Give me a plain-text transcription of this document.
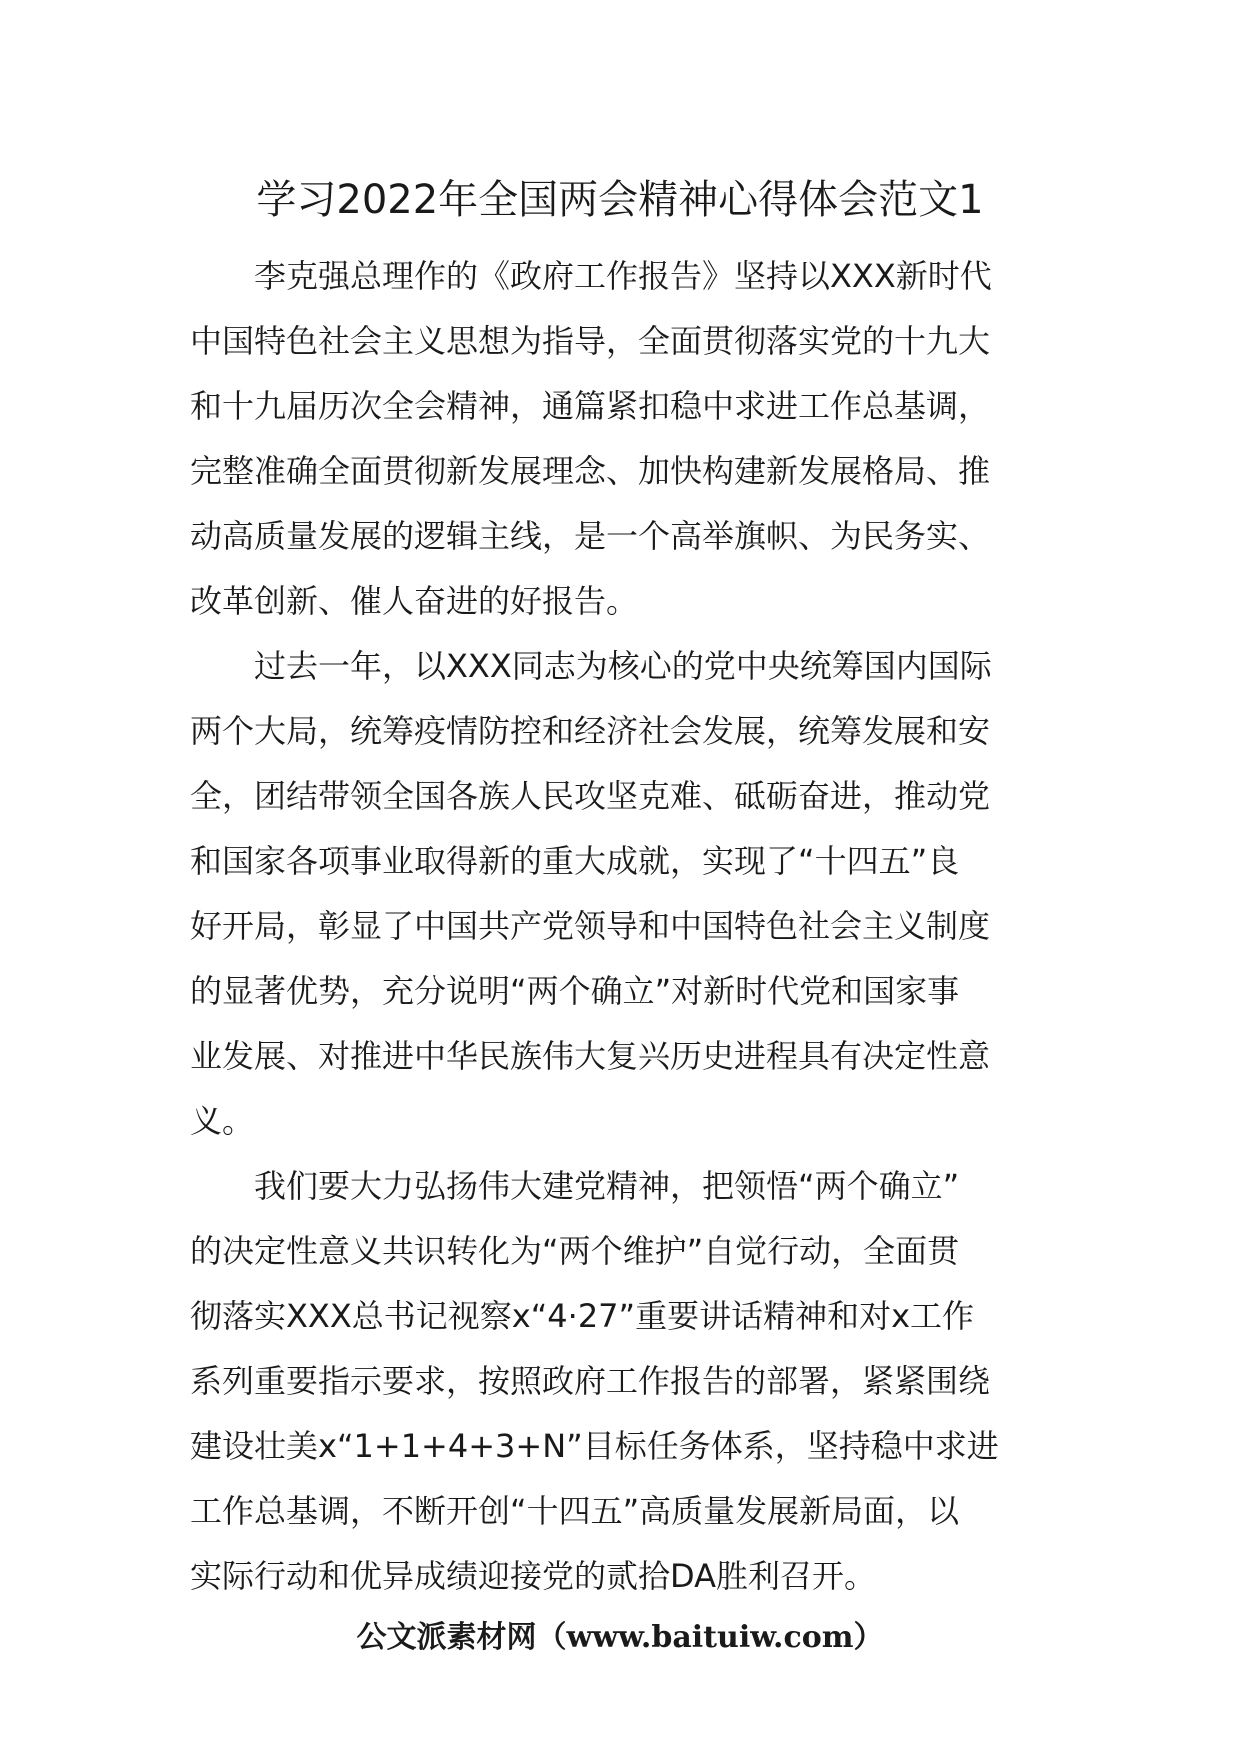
学习2022年全国两会精神心得体会范文1

李克强总理作的《政府工作报告》坚持以XXX新时代
中国特色社会主义思想为指导，全面贯彻落实党的十九大
和十九届历次全会精神，通篇紧扣稳中求进工作总基调，
完整准确全面贯彻新发展理念、加快构建新发展格局、推
动高质量发展的逻辑主线，是一个高举旗帜、为民务实、
改革创新、催人奋进的好报告。

过去一年，以XXX同志为核心的党中央统筹国内国际
两个大局，统筹疫情防控和经济社会发展，统筹发展和安
全，团结带领全国各族人民攻坚克难、砥砺奋进，推动党
和国家各项事业取得新的重大成就，实现了“十四五”良
好开局，彰显了中国共产党领导和中国特色社会主义制度
的显著优势，充分说明“两个确立”对新时代党和国家事
业发展、对推进中华民族伟大复兴历史进程具有决定性意
义。

我们要大力弘扬伟大建党精神，把领悟“两个确立”
的决定性意义共识转化为“两个维护”自觉行动，全面贯
彻落实XXX总书记视察x“4·27”重要讲话精神和对x工作
系列重要指示要求，按照政府工作报告的部署，紧紧围绕
建设壮美x“1+1+4+3+N”目标任务体系，坚持稳中求进
工作总基调，不断开创“十四五”高质量发展新局面，以
实际行动和优异成绩迎接党的贰拾DA胜利召开。

公文派素材网（www.baituiw.com）
